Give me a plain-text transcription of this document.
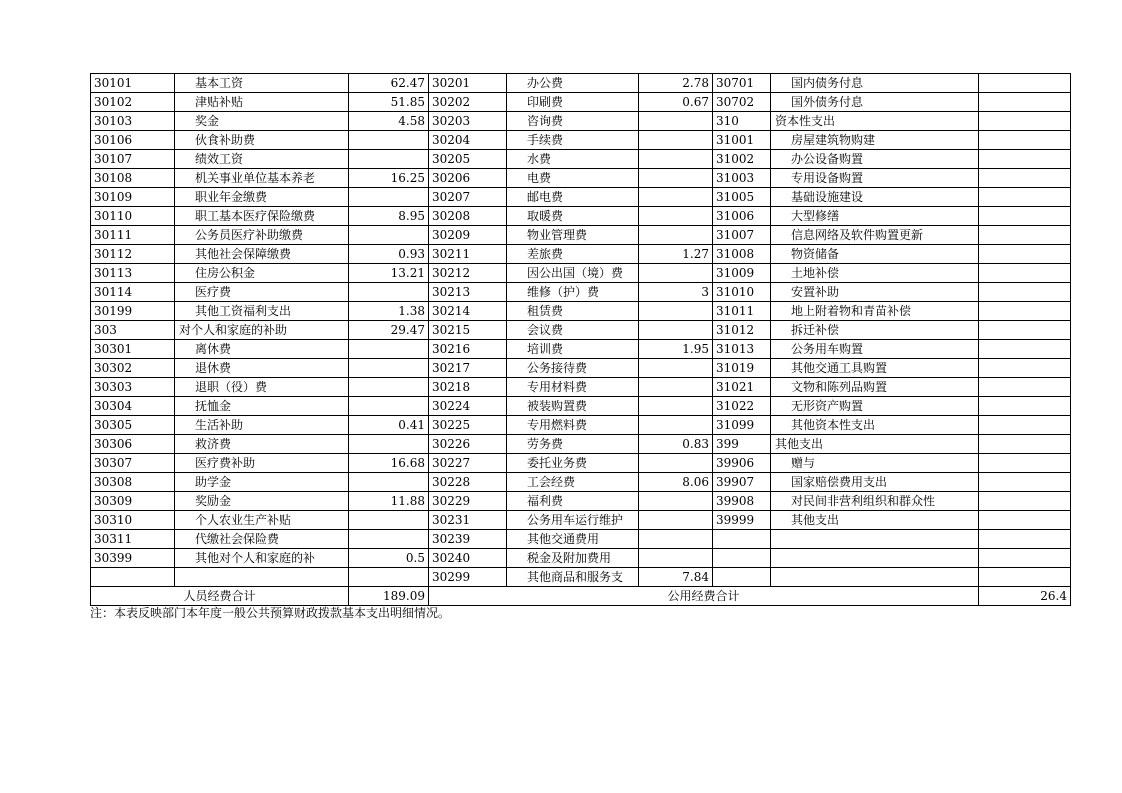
30101	基本工资	62.47	30201	办公费	2.78	30701	国内债务付息	
30102	津贴补贴	51.85	30202	印刷费	0.67	30702	国外债务付息	
30103	奖金	4.58	30203	咨询费		310	资本性支出	
30106	伙食补助费		30204	手续费		31001	房屋建筑物购建	
30107	绩效工资		30205	水费		31002	办公设备购置	
30108	机关事业单位基本养老	16.25	30206	电费		31003	专用设备购置	
30109	职业年金缴费		30207	邮电费		31005	基础设施建设	
30110	职工基本医疗保险缴费	8.95	30208	取暖费		31006	大型修缮	
30111	公务员医疗补助缴费		30209	物业管理费		31007	信息网络及软件购置更新	
30112	其他社会保障缴费	0.93	30211	差旅费	1.27	31008	物资储备	
30113	住房公积金	13.21	30212	因公出国（境）费		31009	土地补偿	
30114	医疗费		30213	维修（护）费	3	31010	安置补助	
30199	其他工资福利支出	1.38	30214	租赁费		31011	地上附着物和青苗补偿	
303	对个人和家庭的补助	29.47	30215	会议费		31012	拆迁补偿	
30301	离休费		30216	培训费	1.95	31013	公务用车购置	
30302	退休费		30217	公务接待费		31019	其他交通工具购置	
30303	退职（役）费		30218	专用材料费		31021	文物和陈列品购置	
30304	抚恤金		30224	被装购置费		31022	无形资产购置	
30305	生活补助	0.41	30225	专用燃料费		31099	其他资本性支出	
30306	救济费		30226	劳务费	0.83	399	其他支出	
30307	医疗费补助	16.68	30227	委托业务费		39906	赠与	
30308	助学金		30228	工会经费	8.06	39907	国家赔偿费用支出	
30309	奖励金	11.88	30229	福利费		39908	对民间非营利组织和群众性	
30310	个人农业生产补贴		30231	公务用车运行维护		39999	其他支出	
30311	代缴社会保险费		30239	其他交通费用				
30399	其他对个人和家庭的补	0.5	30240	税金及附加费用				
			30299	其他商品和服务支	7.84			
人员经费合计		189.09	公用经费合计					26.4
注：本表反映部门本年度一般公共预算财政拨款基本支出明细情况。
